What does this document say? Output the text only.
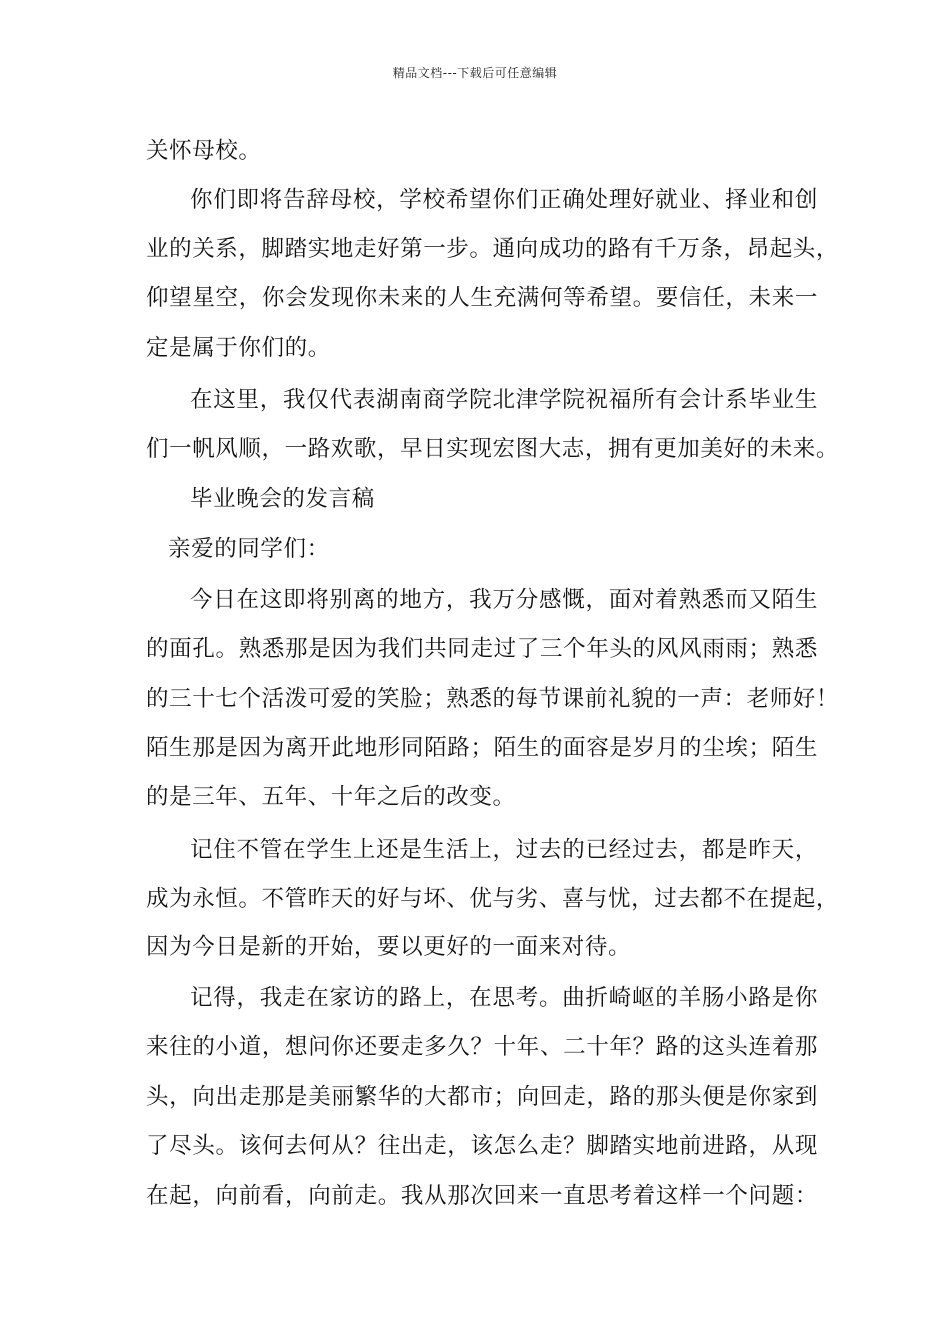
精品文档---下载后可任意编辑

关怀母校。

你们即将告辞母校，学校希望你们正确处理好就业、择业和创

业的关系，脚踏实地走好第一步。通向成功的路有千万条，昂起头，

仰望星空，你会发现你未来的人生充满何等希望。要信任，未来一

定是属于你们的。

在这里，我仅代表湖南商学院北津学院祝福所有会计系毕业生

们一帆风顺，一路欢歌，早日实现宏图大志，拥有更加美好的未来。

毕业晚会的发言稿

亲爱的同学们：

今日在这即将别离的地方，我万分感慨，面对着熟悉而又陌生

的面孔。熟悉那是因为我们共同走过了三个年头的风风雨雨；熟悉

的三十七个活泼可爱的笑脸；熟悉的每节课前礼貌的一声：老师好！

陌生那是因为离开此地形同陌路；陌生的面容是岁月的尘埃；陌生

的是三年、五年、十年之后的改变。

记住不管在学生上还是生活上，过去的已经过去，都是昨天，

成为永恒。不管昨天的好与坏、优与劣、喜与忧，过去都不在提起，

因为今日是新的开始，要以更好的一面来对待。

记得，我走在家访的路上，在思考。曲折崎岖的羊肠小路是你

来往的小道，想问你还要走多久？十年、二十年？路的这头连着那

头，向出走那是美丽繁华的大都市；向回走，路的那头便是你家到

了尽头。该何去何从？往出走，该怎么走？脚踏实地前进路，从现

在起，向前看，向前走。我从那次回来一直思考着这样一个问题：
